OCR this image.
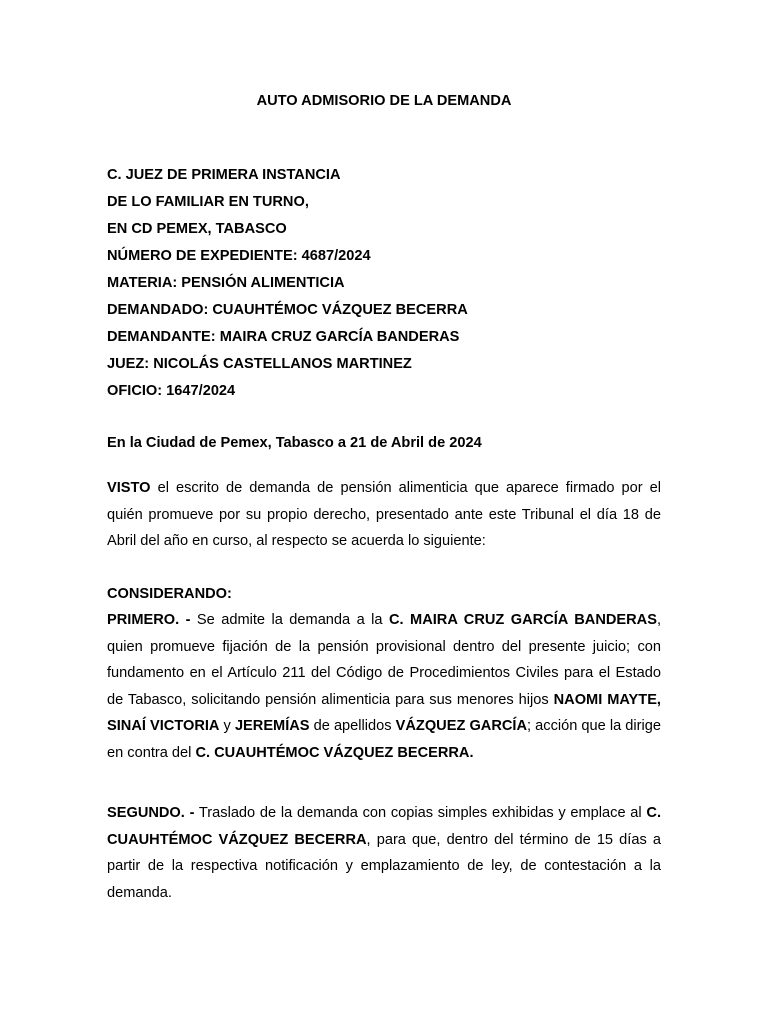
AUTO ADMISORIO DE LA DEMANDA
C. JUEZ DE PRIMERA INSTANCIA
DE LO FAMILIAR EN TURNO,
EN CD PEMEX, TABASCO
NÚMERO DE EXPEDIENTE: 4687/2024
MATERIA: PENSIÓN ALIMENTICIA
DEMANDADO: CUAUHTÉMOC VÁZQUEZ BECERRA
DEMANDANTE: MAIRA CRUZ GARCÍA BANDERAS
JUEZ: NICOLÁS CASTELLANOS MARTINEZ
OFICIO: 1647/2024
En la Ciudad de Pemex, Tabasco a 21 de Abril de 2024

VISTO el escrito de demanda de pensión alimenticia que aparece firmado por el quién promueve por su propio derecho, presentado ante este Tribunal el día 18 de Abril del año en curso, al respecto se acuerda lo siguiente:

CONSIDERANDO:

PRIMERO. - Se admite la demanda a la C. MAIRA CRUZ GARCÍA BANDERAS, quien promueve fijación de la pensión provisional dentro del presente juicio; con fundamento en el Artículo 211 del Código de Procedimientos Civiles para el Estado de Tabasco, solicitando pensión alimenticia para sus menores hijos NAOMI MAYTE, SINAÍ VICTORIA y JEREMÍAS de apellidos VÁZQUEZ GARCÍA; acción que la dirige en contra del C. CUAUHTÉMOC VÁZQUEZ BECERRA.

SEGUNDO. - Traslado de la demanda con copias simples exhibidas y emplace al C. CUAUHTÉMOC VÁZQUEZ BECERRA, para que, dentro del término de 15 días a partir de la respectiva notificación y emplazamiento de ley, de contestación a la demanda.
